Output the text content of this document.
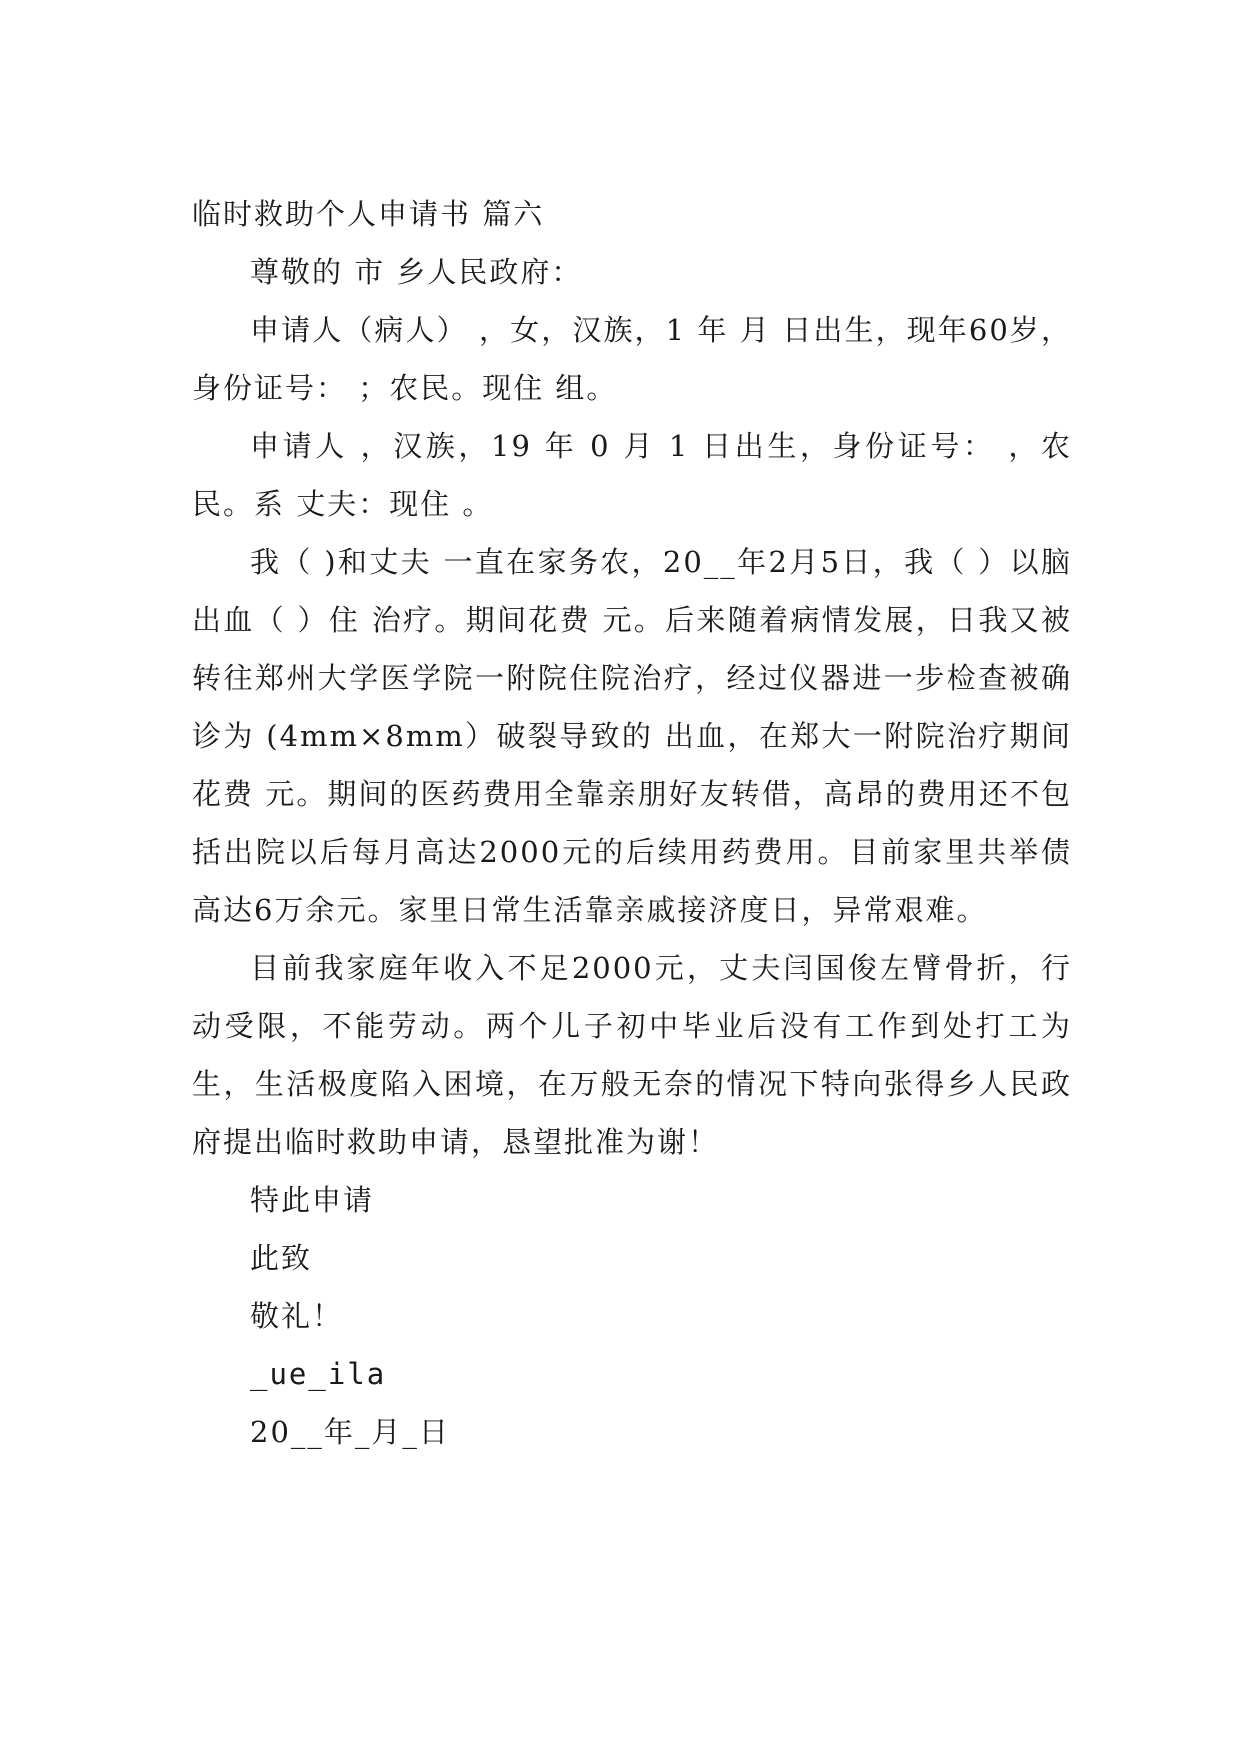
临时救助个人申请书 篇六

尊敬的 市 乡人民政府：

申请人（病人） ，女，汉族，1 年 月 日出生，现年60岁，身份证号： ；农民。现住 组。

申请人 ，汉族，19 年 0 月 1 日出生，身份证号： ，农民。系 丈夫：现住 。

我（ )和丈夫 一直在家务农，20__年2月5日，我（ ）以脑出血（ ）住 治疗。期间花费 元。后来随着病情发展，日我又被转往郑州大学医学院一附院住院治疗，经过仪器进一步检查被确诊为 (4mm×8mm）破裂导致的 出血，在郑大一附院治疗期间花费 元。期间的医药费用全靠亲朋好友转借，高昂的费用还不包括出院以后每月高达2000元的后续用药费用。目前家里共举债高达6万余元。家里日常生活靠亲戚接济度日，异常艰难。

目前我家庭年收入不足2000元，丈夫闫国俊左臂骨折，行动受限，不能劳动。两个儿子初中毕业后没有工作到处打工为生，生活极度陷入困境，在万般无奈的情况下特向张得乡人民政府提出临时救助申请，恳望批准为谢！

特此申请

此致

敬礼！

_ue_ila

20__年_月_日
